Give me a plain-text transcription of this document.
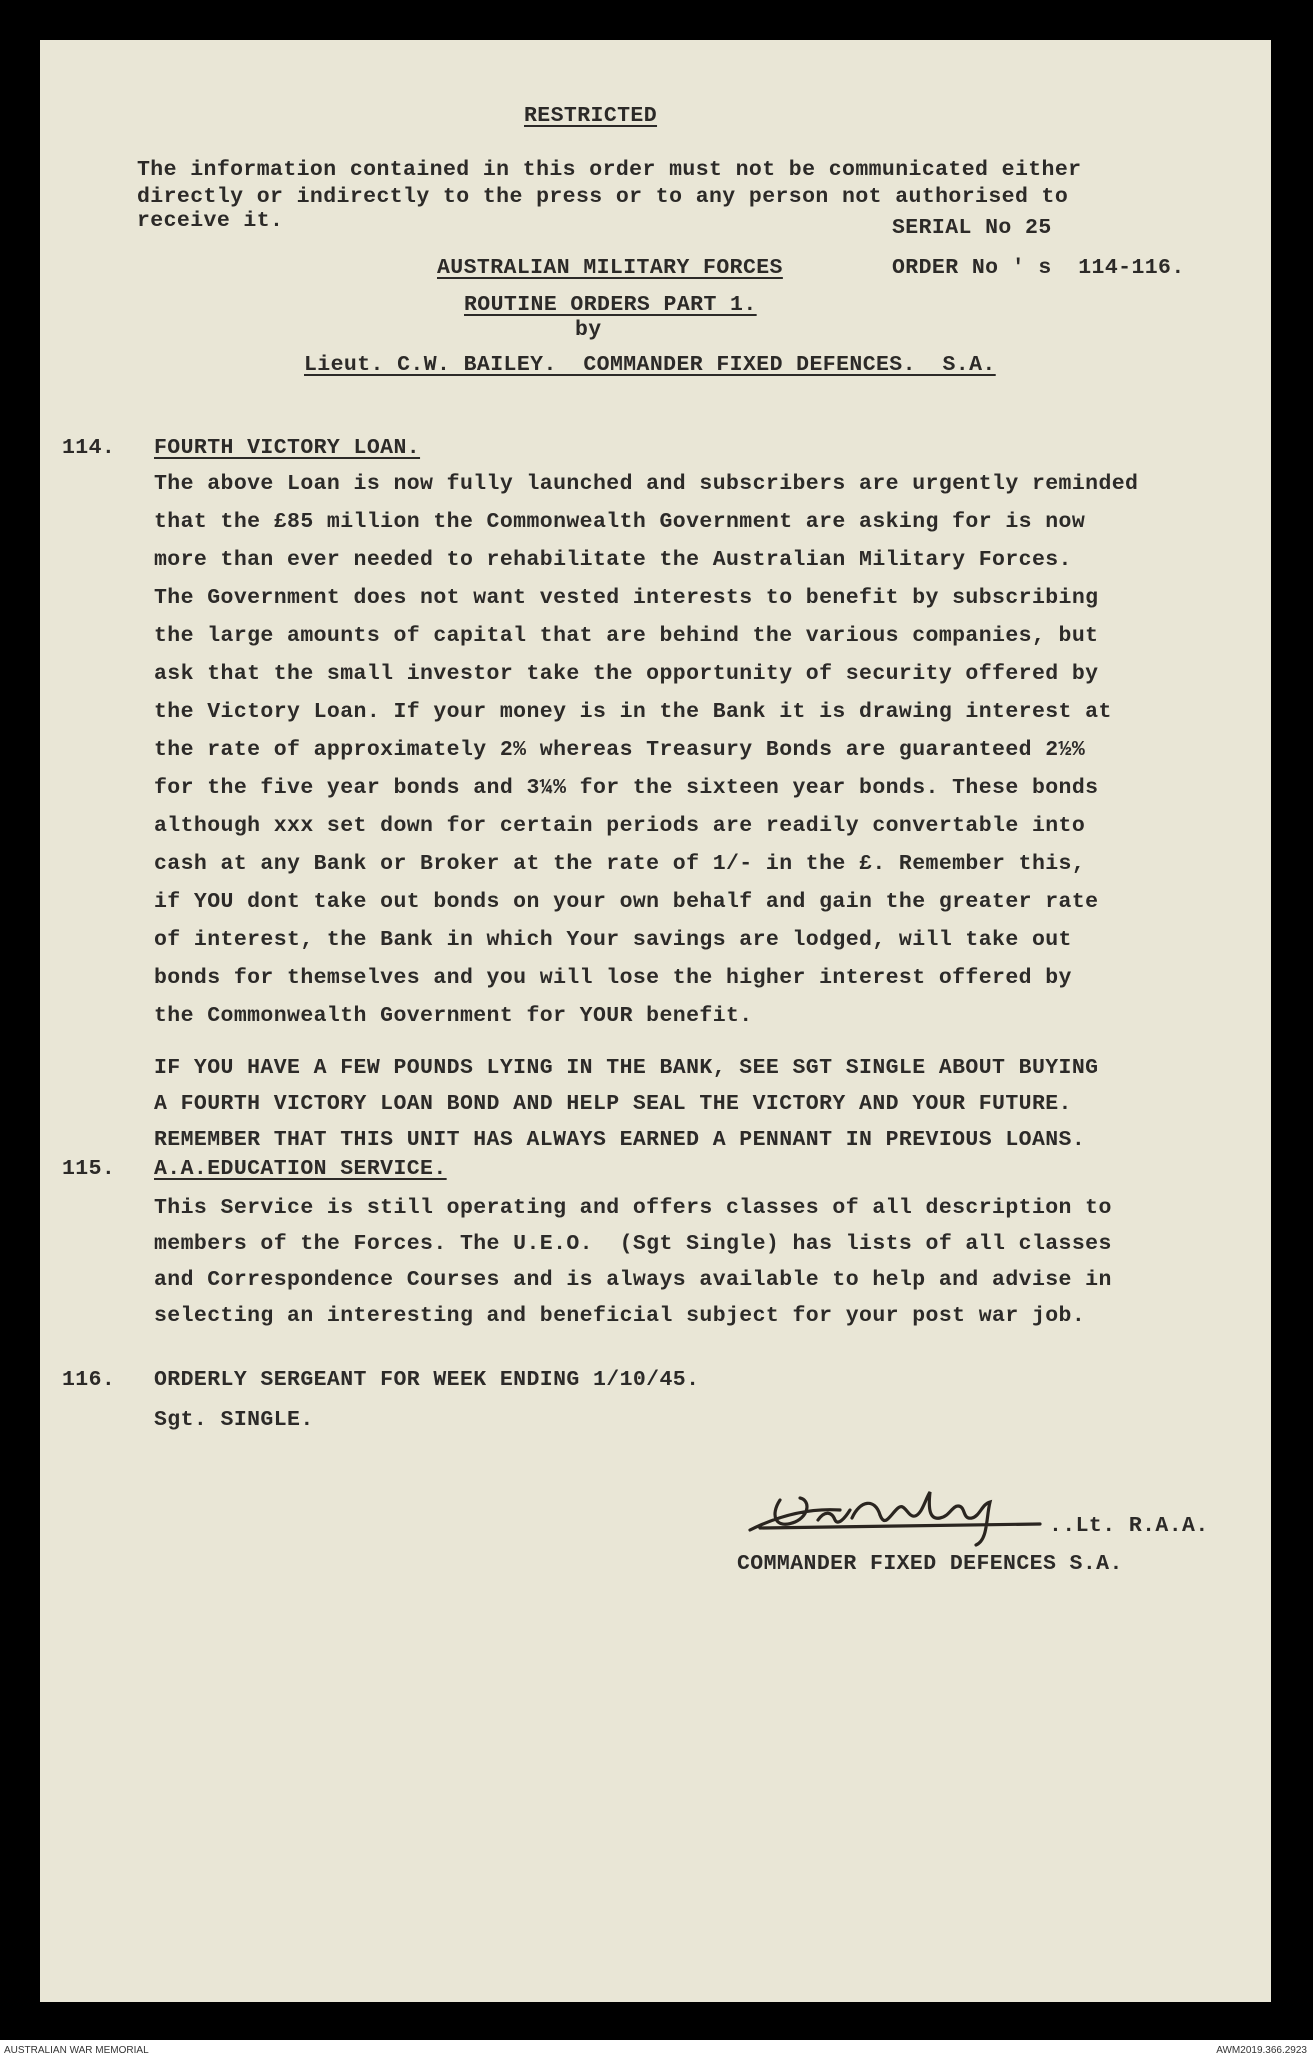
RESTRICTED
The information contained in this order must not be communicated either
directly or indirectly to the press or to any person not authorised to
receive it.	SERIAL No 25
AUSTRALIAN MILITARY FORCES	ORDER No ' s  114-116.
ROUTINE ORDERS PART 1.
by
Lieut. C.W. BAILEY.  COMMANDER FIXED DEFENCES.  S.A.
114. FOURTH VICTORY LOAN.
The above Loan is now fully launched and subscribers are urgently reminded
that the £85 million the Commonwealth Government are asking for is now
more than ever needed to rehabilitate the Australian Military Forces.
The Government does not want vested interests to benefit by subscribing
the large amounts of capital that are behind the various companies, but
ask that the small investor take the opportunity of security offered by
the Victory Loan. If your money is in the Bank it is drawing interest at
the rate of approximately 2% whereas Treasury Bonds are guaranteed 2½%
for the five year bonds and 3¼% for the sixteen year bonds. These bonds
although xxx set down for certain periods are readily convertable into
cash at any Bank or Broker at the rate of 1/- in the £. Remember this,
if YOU dont take out bonds on your own behalf and gain the greater rate
of interest, the Bank in which Your savings are lodged, will take out
bonds for themselves and you will lose the higher interest offered by
the Commonwealth Government for YOUR benefit.
IF YOU HAVE A FEW POUNDS LYING IN THE BANK, SEE SGT SINGLE ABOUT BUYING
A FOURTH VICTORY LOAN BOND AND HELP SEAL THE VICTORY AND YOUR FUTURE.
REMEMBER THAT THIS UNIT HAS ALWAYS EARNED A PENNANT IN PREVIOUS LOANS.
115. A.A.EDUCATION SERVICE.
This Service is still operating and offers classes of all description to
members of the Forces. The U.E.O.  (Sgt Single) has lists of all classes
and Correspondence Courses and is always available to help and advise in
selecting an interesting and beneficial subject for your post war job.
116. ORDERLY SERGEANT FOR WEEK ENDING 1/10/45.
Sgt. SINGLE.
..Lt. R.A.A.
COMMANDER FIXED DEFENCES S.A.
AUSTRALIAN WAR MEMORIAL	AWM2019.366.2923
